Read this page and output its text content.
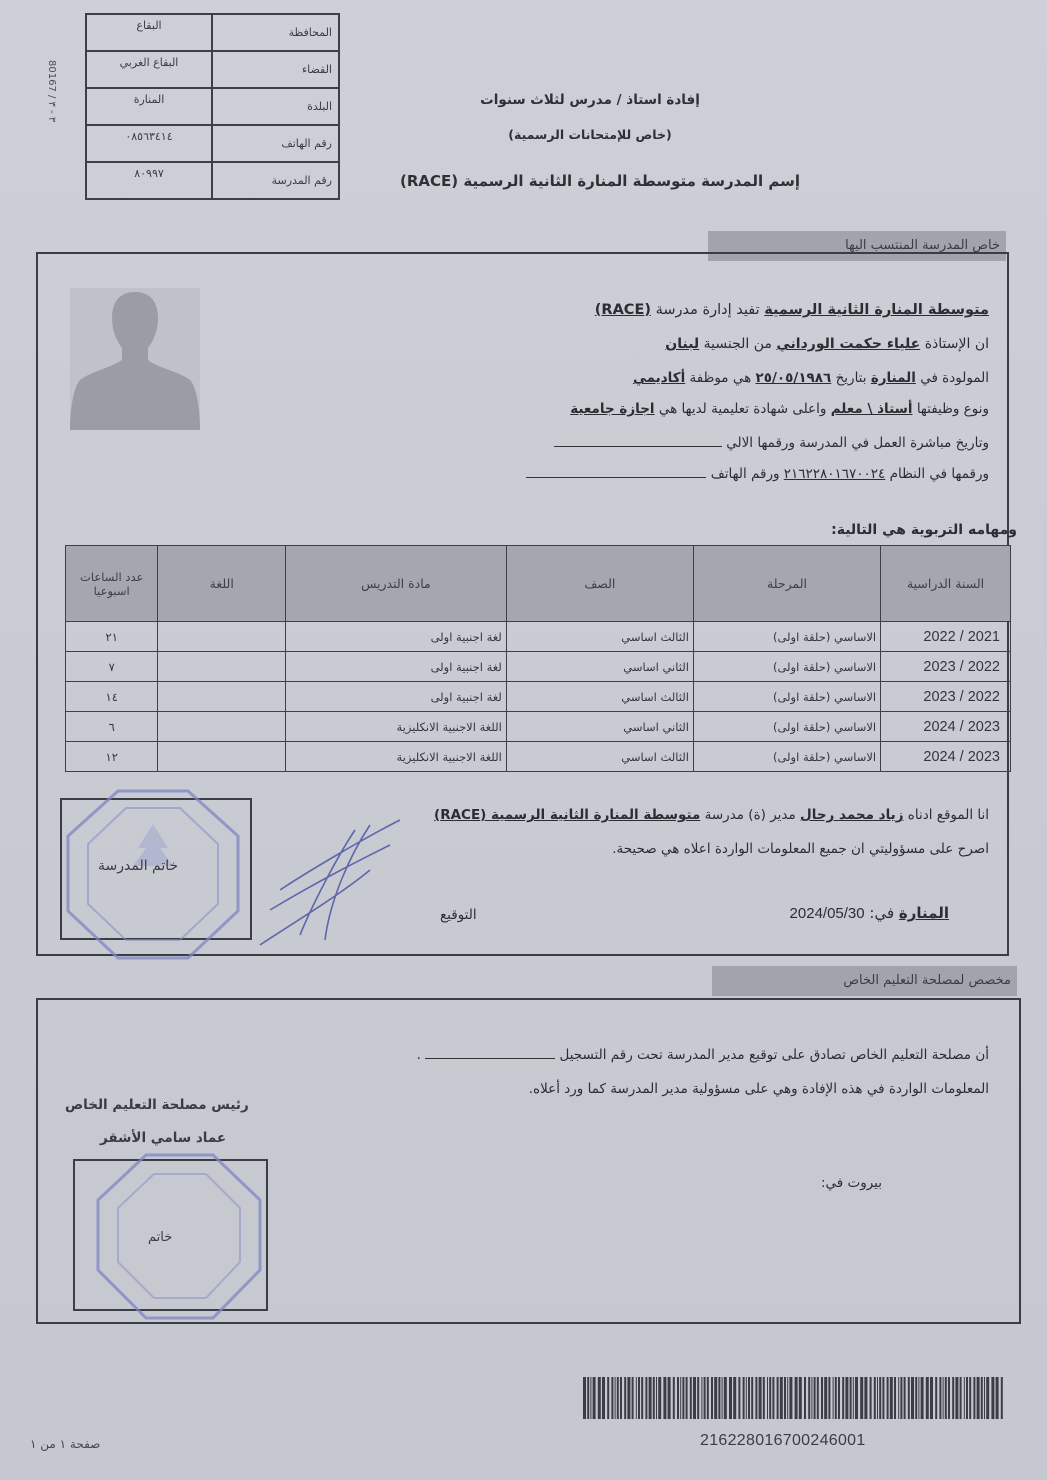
80167 / ٣ - ٣
المحافظة	البقاع
القضاء	البقاع الغربي
البلدة	المنارة
رقم الهاتف	٠٨٥٦٣٤١٤
رقم المدرسة	٨٠٩٩٧
إفادة استاذ / مدرس لثلاث سنوات
(خاص للإمتحانات الرسمية)
إسم المدرسة متوسطة المنارة الثانية الرسمية (RACE)
خاص المدرسة المنتسب اليها
متوسطة المنارة الثانية الرسمية تفيد إدارة مدرسة (RACE)
ان الإستاذة علياء حكمت الورداني من الجنسية لبنان
المولودة في المنارة بتاريخ ٢٥/٠٥/١٩٨٦ هي موظفة أكاديمي
ونوع وظيفتها أستاذ \ معلم واعلى شهادة تعليمية لديها هي اجازة جامعية
وتاريخ مباشرة العمل في المدرسة ورقمها الالي
ورقمها في النظام ٢١٦٢٢٨٠١٦٧٠٠٢٤ ورقم الهاتف
ومهامه التربوية هي التالية:
السنة الدراسية	المرحلة	الصف	مادة التدريس	اللغة	عدد الساعات اسبوعيا
2022 / 2021	الاساسي (حلقة اولى)	الثالث اساسي	لغة اجنبية اولى		٢١
2023 / 2022	الاساسي (حلقة اولى)	الثاني اساسي	لغة اجنبية اولى		٧
2023 / 2022	الاساسي (حلقة اولى)	الثالث اساسي	لغة اجنبية اولى		١٤
2024 / 2023	الاساسي (حلقة اولى)	الثاني اساسي	اللغة الاجنبية الانكليزية		٦
2024 / 2023	الاساسي (حلقة اولى)	الثالث اساسي	اللغة الاجنبية الانكليزية		١٢
انا الموقع ادناه زياد محمد رحال مدير (ة) مدرسة متوسطة المنارة الثانية الرسمية (RACE)
اصرح على مسؤوليتي ان جميع المعلومات الواردة اعلاه هي صحيحة.
المنارة في: 2024/05/30
التوقيع
خاتم المدرسة
مخصص لمصلحة التعليم الخاص
أن مصلحة التعليم الخاص تصادق على توقيع مدير المدرسة تحت رقم التسجيل  .
المعلومات الواردة في هذه الإفادة وهي على مسؤولية مدير المدرسة كما ورد أعلاه.
رئيس مصلحة التعليم الخاص
عماد سامي الأشقر
خاتم
بيروت في:
216228016700246001
صفحة ١ من ١
